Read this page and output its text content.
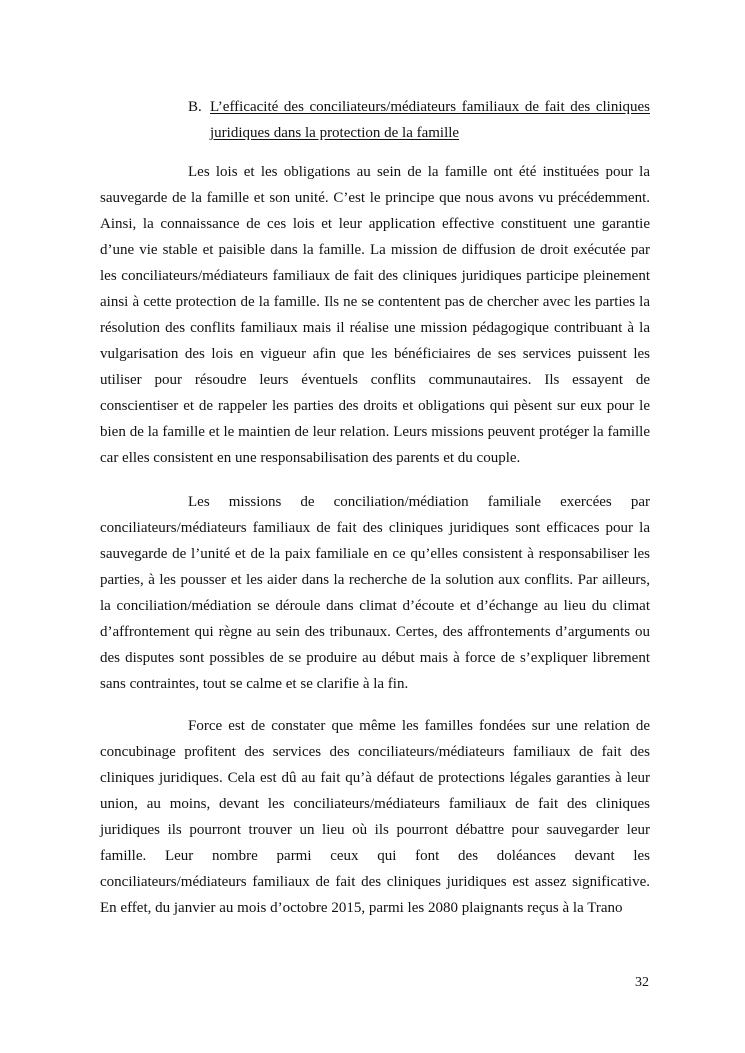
B. L’efficacité des conciliateurs/médiateurs familiaux de fait des cliniques juridiques dans la protection de la famille

Les lois et les obligations au sein de la famille ont été instituées pour la sauvegarde de la famille et son unité. C’est le principe que nous avons vu précédemment. Ainsi, la connaissance de ces lois et leur application effective constituent une garantie d’une vie stable et paisible dans la famille. La mission de diffusion de droit exécutée par les conciliateurs/médiateurs familiaux de fait des cliniques juridiques participe pleinement ainsi à cette protection de la famille. Ils ne se contentent pas de chercher avec les parties la résolution des conflits familiaux mais il réalise une mission pédagogique contribuant à la vulgarisation des lois en vigueur afin que les bénéficiaires de ses services puissent les utiliser pour résoudre leurs éventuels conflits communautaires. Ils essayent de conscientiser et de rappeler les parties des droits et obligations qui pèsent sur eux pour le bien de la famille et le maintien de leur relation. Leurs missions peuvent protéger la famille car elles consistent en une responsabilisation des parents et du couple.

Les missions de conciliation/médiation familiale exercées par conciliateurs/médiateurs familiaux de fait des cliniques juridiques sont efficaces pour la sauvegarde de l’unité et de la paix familiale en ce qu’elles consistent à responsabiliser les parties, à les pousser et les aider dans la recherche de la solution aux conflits. Par ailleurs, la conciliation/médiation se déroule dans climat d’écoute et d’échange au lieu du climat d’affrontement qui règne au sein des tribunaux. Certes, des affrontements d’arguments ou des disputes sont possibles de se produire au début mais à force de s’expliquer librement sans contraintes, tout se calme et se clarifie à la fin.

Force est de constater que même les familles fondées sur une relation de concubinage profitent des services des conciliateurs/médiateurs familiaux de fait des cliniques juridiques. Cela est dû au fait qu’à défaut de protections légales garanties à leur union, au moins, devant les conciliateurs/médiateurs familiaux de fait des cliniques juridiques ils pourront trouver un lieu où ils pourront débattre pour sauvegarder leur famille. Leur nombre parmi ceux qui font des doléances devant les conciliateurs/médiateurs familiaux de fait des cliniques juridiques est assez significative. En effet, du janvier au mois d’octobre 2015, parmi les 2080 plaignants reçus à la Trano

32
